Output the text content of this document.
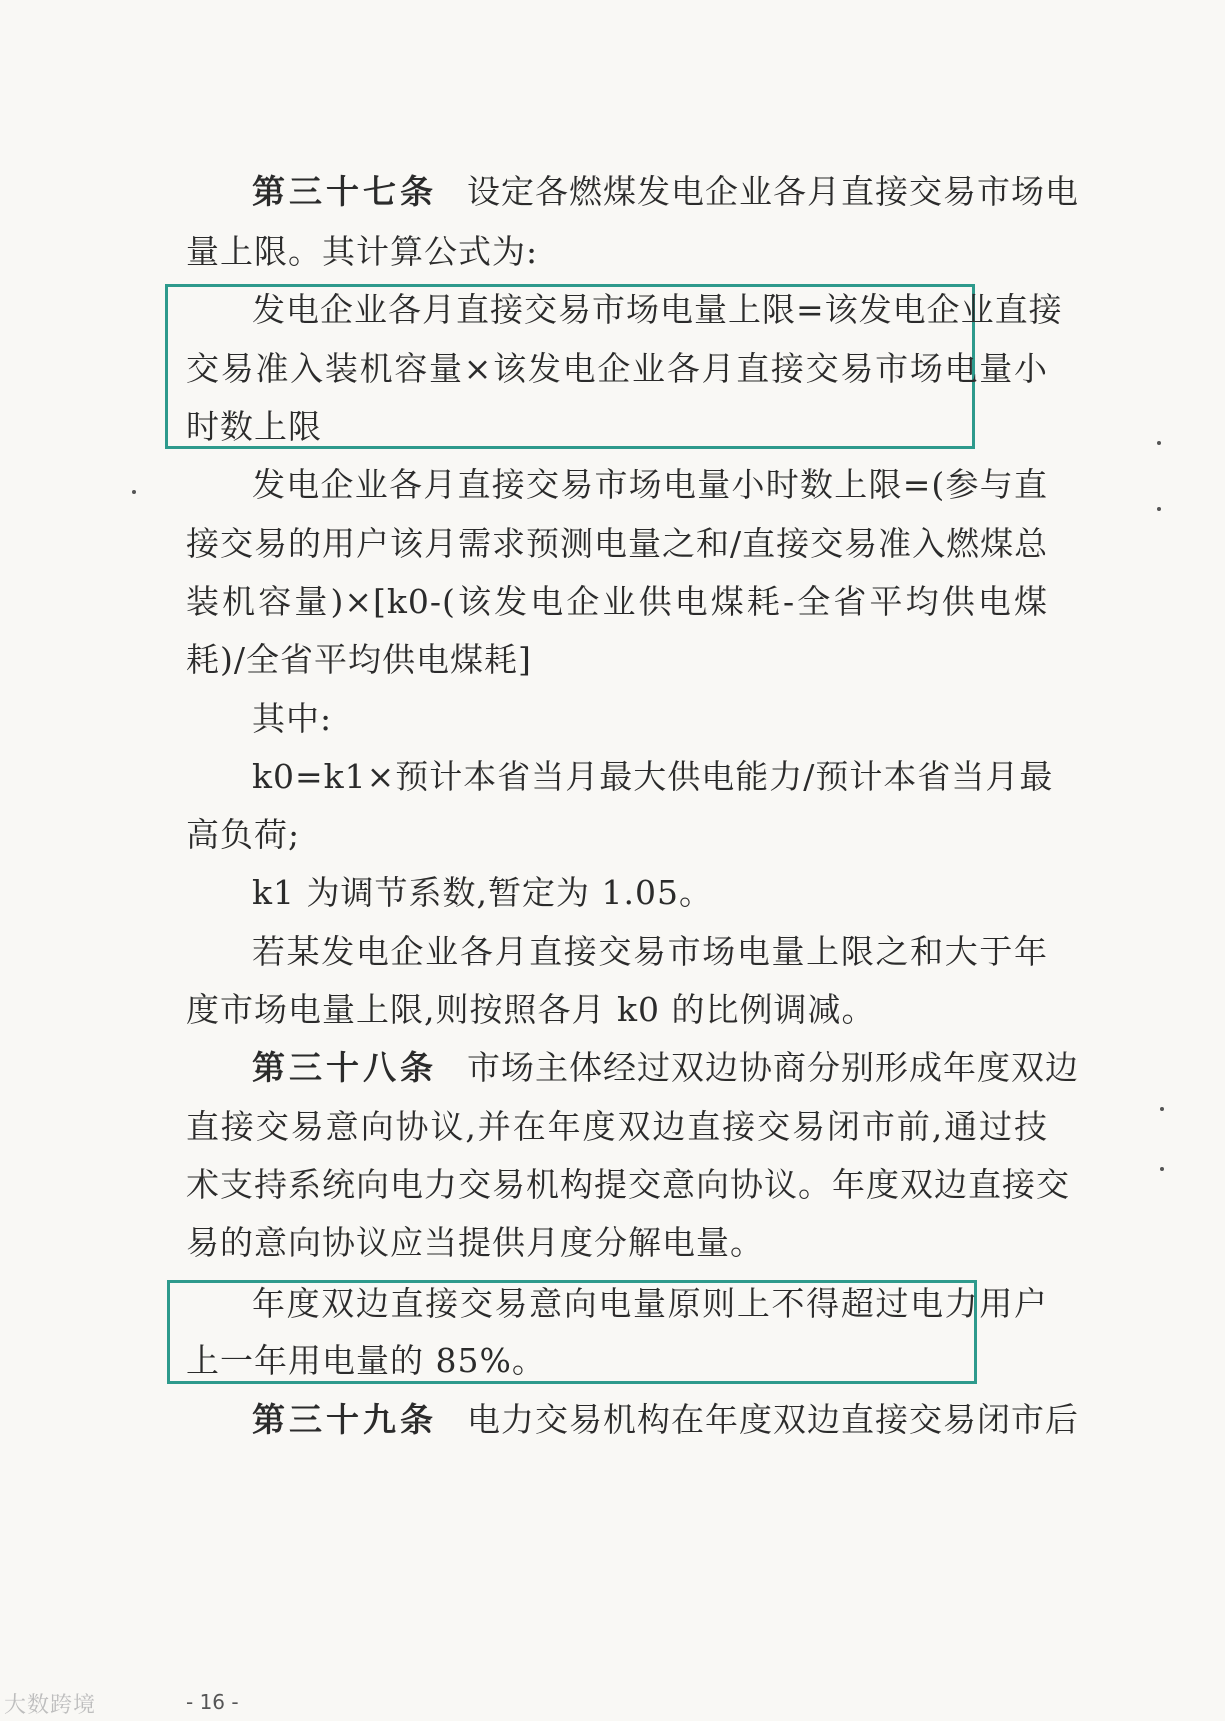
第三十七条 设定各燃煤发电企业各月直接交易市场电
量上限。其计算公式为:
发电企业各月直接交易市场电量上限=该发电企业直接
交易准入装机容量×该发电企业各月直接交易市场电量小
时数上限
发电企业各月直接交易市场电量小时数上限=(参与直
接交易的用户该月需求预测电量之和/直接交易准入燃煤总
装机容量)×[k0-(该发电企业供电煤耗-全省平均供电煤
耗)/全省平均供电煤耗]
其中:
k0=k1×预计本省当月最大供电能力/预计本省当月最
高负荷;
k1 为调节系数,暂定为 1.05。
若某发电企业各月直接交易市场电量上限之和大于年
度市场电量上限,则按照各月 k0 的比例调减。
第三十八条 市场主体经过双边协商分别形成年度双边
直接交易意向协议,并在年度双边直接交易闭市前,通过技
术支持系统向电力交易机构提交意向协议。年度双边直接交
易的意向协议应当提供月度分解电量。
年度双边直接交易意向电量原则上不得超过电力用户
上一年用电量的 85%。
第三十九条 电力交易机构在年度双边直接交易闭市后
- 16 -
大数跨境
